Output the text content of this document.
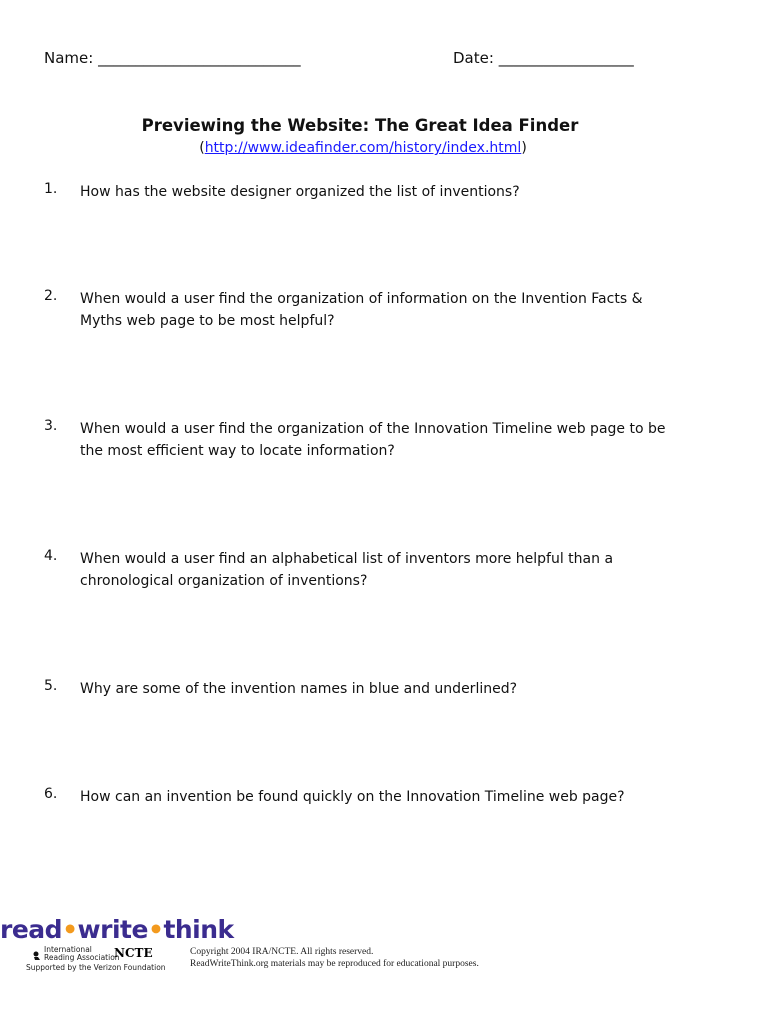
Name: ___________________________	Date: __________________
Previewing the Website: The Great Idea Finder
(http://www.ideafinder.com/history/index.html)
1. How has the website designer organized the list of inventions?
2. When would a user find the organization of information on the Invention Facts &
Myths web page to be most helpful?
3. When would a user find the organization of the Innovation Timeline web page to be
the most efficient way to locate information?
4. When would a user find an alphabetical list of inventors more helpful than a
chronological organization of inventions?
5. Why are some of the invention names in blue and underlined?
6. How can an invention be found quickly on the Innovation Timeline web page?
read•write•think
International
Reading Association
NCTE
Supported by the Verizon Foundation
Copyright 2004 IRA/NCTE. All rights reserved.
ReadWriteThink.org materials may be reproduced for educational purposes.
